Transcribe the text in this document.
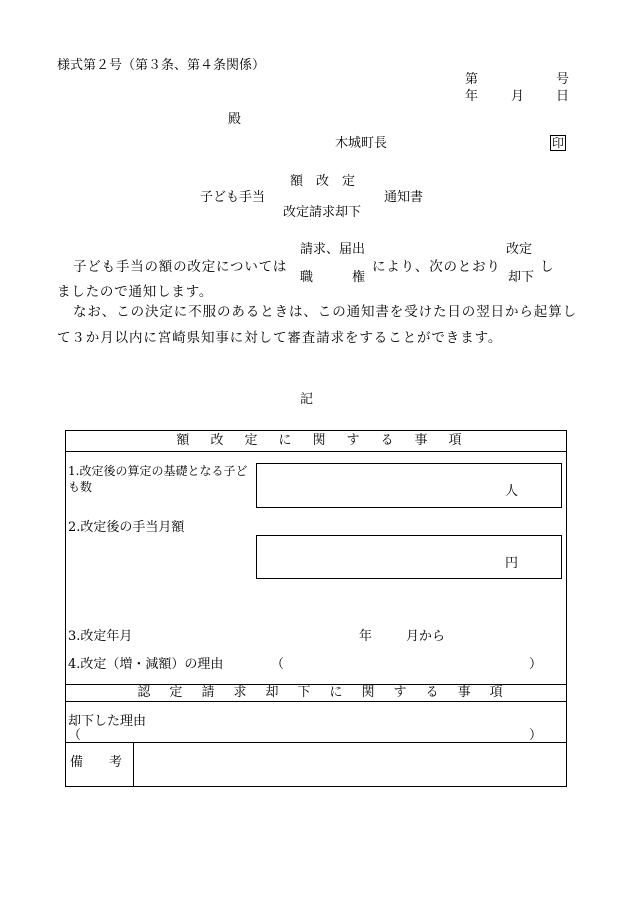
様式第２号（第３条、第４条関係）
第	号
年	月 日
殿
木城町長	印
額　改　定
子ども手当	通知書
改定請求却下
請求、届出	改定
子ども手当の額の改定については	により、次のとおり	し
職　　　権	却下
ましたので通知します。

なお、この決定に不服のあるときは、この通知書を受けた日の翌日から起算して３か月以内に宮崎県知事に対して審査請求をすることができます。

記
額 改 定 に 関 す る 事 項
1.改定後の算定の基礎となる子ども数	人
2.改定後の手当月額
円
3.改定年月	年	月から
4.改定（増・減額）の理由	（	）
認 定 請 求 却 下 に 関 す る 事 項
却下した理由
（	）
備　　考
